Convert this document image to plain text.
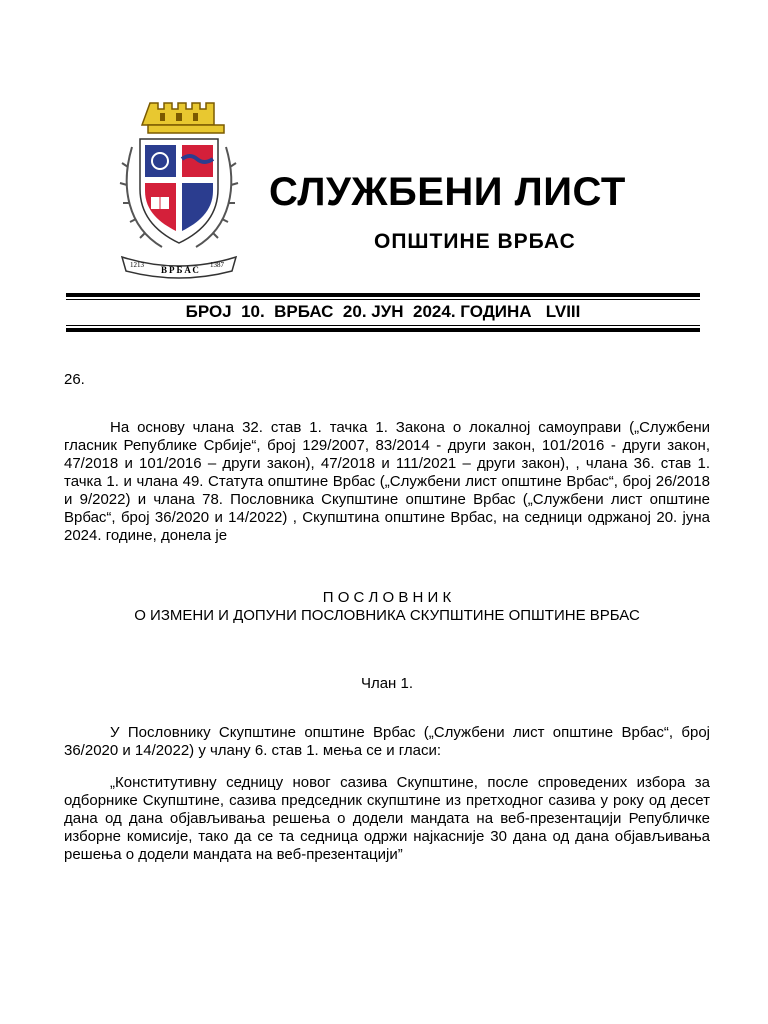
1213 ВРБАС 1387
СЛУЖБЕНИ ЛИСТ
ОПШТИНЕ ВРБАС
БРОЈ  10.  ВРБАС  20. ЈУН  2024. ГОДИНА   LVIII
26.

На основу члана 32. став 1. тачка 1. Закона о локалној самоуправи („Службени гласник Републике Србије“, број 129/2007, 83/2014 - други закон, 101/2016 - други закон, 47/2018 и 101/2016 – други закон), 47/2018 и 111/2021 – други закон), , члана 36. став 1. тачка 1. и члана 49. Статута општине Врбас („Службени лист општине Врбас“, број 26/2018 и 9/2022) и члана 78. Пословника Скупштине општине Врбас („Службени лист општине Врбас“, број 36/2020 и 14/2022) , Скупштина општине Врбас, на седници одржаној 20. јуна 2024. године, донела је

П О С Л О В Н И К
О ИЗМЕНИ И ДОПУНИ ПОСЛОВНИКА СКУПШТИНЕ ОПШТИНЕ ВРБАС
Члан 1.

У Пословнику Скупштине општине Врбас („Службени лист општине Врбас“, број 36/2020 и 14/2022) у члану 6. став 1. мења се и гласи:

„Конститутивну седницу новог сазива Скупштине, после спроведених избора за одборнике Скупштине, сазива председник скупштине из претходног сазива у року од десет дана од дана објављивања решења о додели мандата на веб-презентацији Републичке изборне комисије, тако да се та седница одржи најкасније 30 дана од дана објављивања решења о додели мандата на веб-презентацији”
